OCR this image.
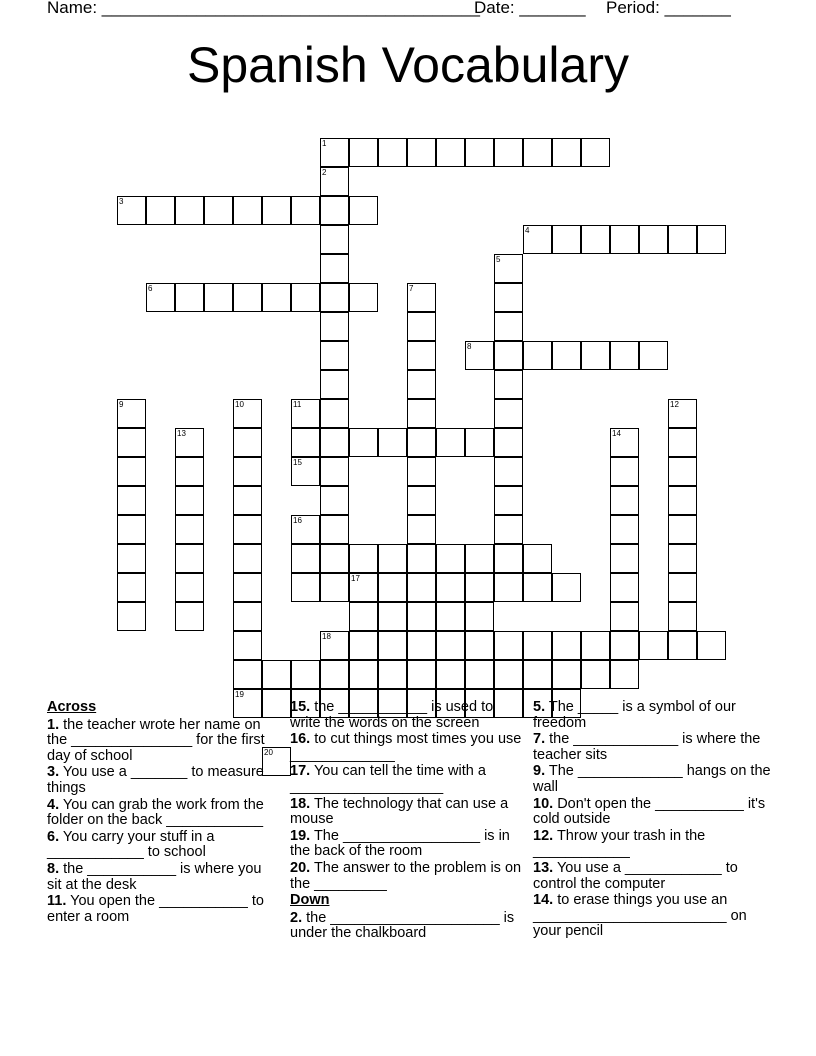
Name: ________________________________________
Date: _______ Period: _______
Spanish Vocabulary
1
3
4
6
8
17
18
2
5
7
9
13
10
14
12
11
15
16
19
20
Across
1. the teacher wrote her name on the _______________ for the first day of school
3. You use a _______ to measure things
4. You can grab the work from the folder on the back ____________
6. You carry your stuff in a ____________ to school
8. the ___________ is where you sit at the desk
11. You open the ___________ to enter a room
15. the ___________ is used to write the words on the screen
16. to cut things most times you use _____________
17. You can tell the time with a ___________________
18. The technology that can use a mouse
19. The _________________ is in the back of the room
20. The answer to the problem is on the _________
Down
2. the _____________________ is under the chalkboard
5. The _____ is a symbol of our freedom
7. the _____________ is where the teacher sits
9. The _____________ hangs on the wall
10. Don't open the ___________ it's cold outside
12. Throw your trash in the ____________
13. You use a ____________ to control the computer
14. to erase things you use an ________________________ on your pencil
